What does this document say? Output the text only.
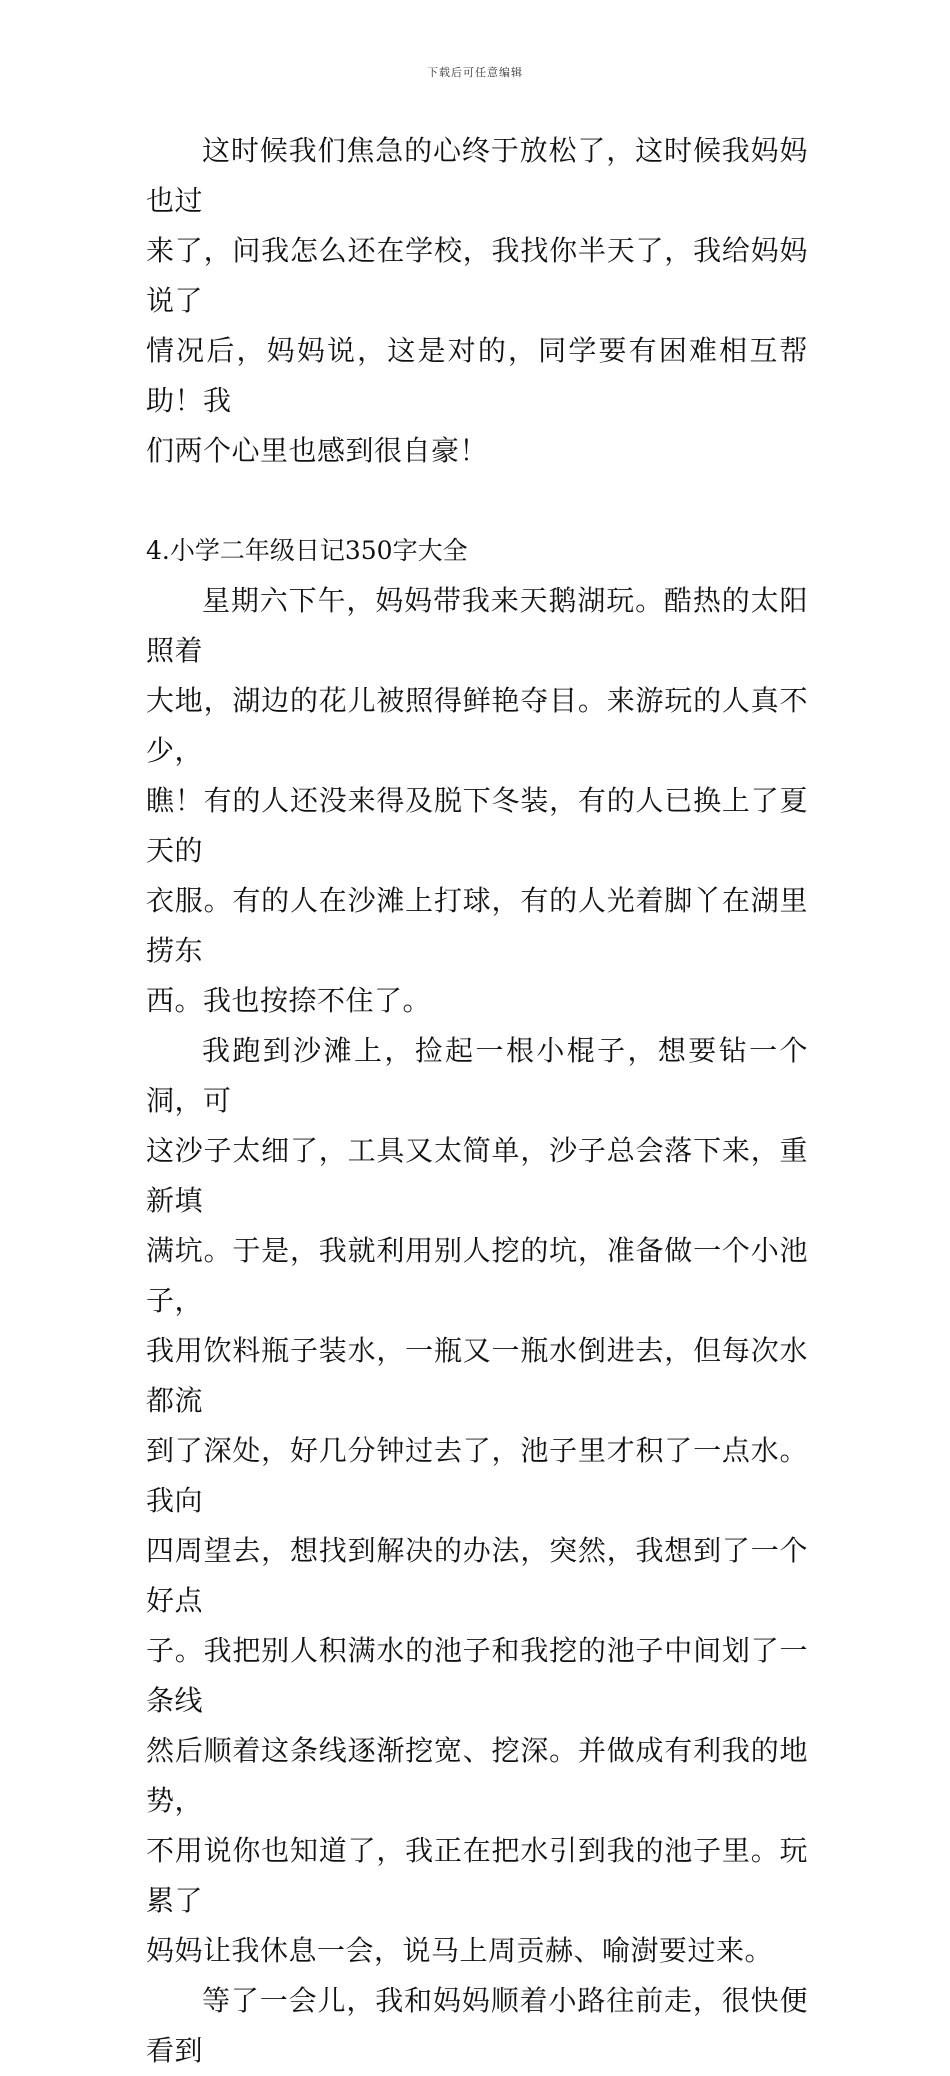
下载后可任意编辑

这时候我们焦急的心终于放松了，这时候我妈妈也过
来了，问我怎么还在学校，我找你半天了，我给妈妈说了
情况后，妈妈说，这是对的，同学要有困难相互帮助！我
们两个心里也感到很自豪！

4.小学二年级日记350字大全

星期六下午，妈妈带我来天鹅湖玩。酷热的太阳照着
大地，湖边的花儿被照得鲜艳夺目。来游玩的人真不少，
瞧！有的人还没来得及脱下冬装，有的人已换上了夏天的
衣服。有的人在沙滩上打球，有的人光着脚丫在湖里捞东
西。我也按捺不住了。

我跑到沙滩上，捡起一根小棍子，想要钻一个洞，可
这沙子太细了，工具又太简单，沙子总会落下来，重新填
满坑。于是，我就利用别人挖的坑，准备做一个小池子，
我用饮料瓶子装水，一瓶又一瓶水倒进去，但每次水都流
到了深处，好几分钟过去了，池子里才积了一点水。我向
四周望去，想找到解决的办法，突然，我想到了一个好点
子。我把别人积满水的池子和我挖的池子中间划了一条线
然后顺着这条线逐渐挖宽、挖深。并做成有利我的地势，
不用说你也知道了，我正在把水引到我的池子里。玩累了
妈妈让我休息一会，说马上周贡赫、喻澍要过来。

等了一会儿，我和妈妈顺着小路往前走，很快便看到
